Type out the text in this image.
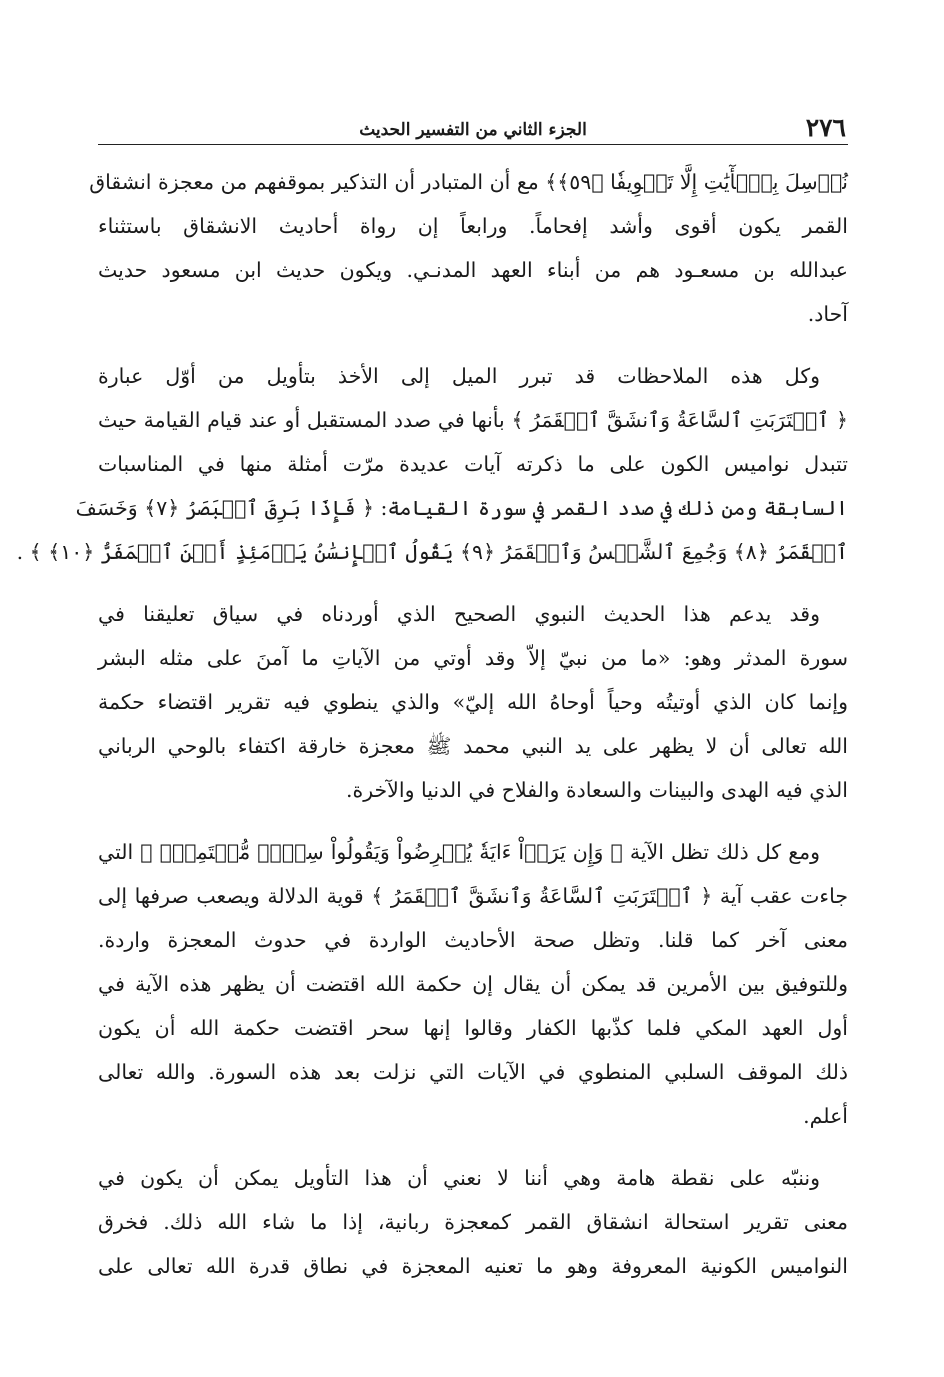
٢٧٦
الجزء الثاني من التفسير الحديث
نُرۡسِلَ بِٱلۡأٓيَٰتِ إِلَّا تَخۡوِيفٗا ﴿٥٩﴾﴾ مع أن المتبادر أن التذكير بموقفهم من معجزة انشقاق
القمر يكون أقوى وأشد إفحاماً. ورابعاً إن رواة أحاديث الانشقاق باستثناء
عبدالله بن مسعـود هم من أبناء العهد المدنـي. ويكون حديث ابن مسعود حديث
آحاد.
وكل هذه الملاحظات قد تبرر الميل إلى الأخذ بتأويل من أوّل عبارة
﴿ ٱقۡتَرَبَتِ ٱلسَّاعَةُ وَٱنشَقَّ ٱلۡقَمَرُ ﴾ بأنها في صدد المستقبل أو عند قيام القيامة حيث
تتبدل نواميس الكون على ما ذكرته آيات عديدة مرّت أمثلة منها في المناسبات
السابقة ومن ذلك في صدد القمر في سورة القيامة: ﴿ فَإِذَا بَرِقَ ٱلۡبَصَرُ ﴿٧﴾ وَخَسَفَ
ٱلۡقَمَرُ ﴿٨﴾ وَجُمِعَ ٱلشَّمۡسُ وَٱلۡقَمَرُ ﴿٩﴾ يَقُولُ ٱلۡإِنسَٰنُ يَوۡمَئِذٍ أَيۡنَ ٱلۡمَفَرُّ ﴿١٠﴾ ﴾ .
وقد يدعم هذا الحديث النبوي الصحيح الذي أوردناه في سياق تعليقنا في
سورة المدثر وهو: «ما من نبيّ إلاّ وقد أوتي من الآياتِ ما آمنَ على مثله البشر
وإنما كان الذي أوتيتُه وحياً أوحاهُ الله إليّ» والذي ينطوي فيه تقرير اقتضاء حكمة
الله تعالى أن لا يظهر على يد النبي محمد ﷺ معجزة خارقة اكتفاء بالوحي الرباني
الذي فيه الهدى والبينات والسعادة والفلاح في الدنيا والآخرة.
ومع كل ذلك تظل الآية ﴿ وَإِن يَرَوۡاْ ءَايَةٗ يُعۡرِضُواْ وَيَقُولُواْ سِحۡرٞ مُّسۡتَمِرّٞ ﴾ التي
جاءت عقب آية ﴿ ٱقۡتَرَبَتِ ٱلسَّاعَةُ وَٱنشَقَّ ٱلۡقَمَرُ ﴾ قوية الدلالة ويصعب صرفها إلى
معنى آخر كما قلنا. وتظل صحة الأحاديث الواردة في حدوث المعجزة واردة.
وللتوفيق بين الأمرين قد يمكن أن يقال إن حكمة الله اقتضت أن يظهر هذه الآية في
أول العهد المكي فلما كذّبها الكفار وقالوا إنها سحر اقتضت حكمة الله أن يكون
ذلك الموقف السلبي المنطوي في الآيات التي نزلت بعد هذه السورة. والله تعالى
أعلم.
وننبّه على نقطة هامة وهي أننا لا نعني أن هذا التأويل يمكن أن يكون في
معنى تقرير استحالة انشقاق القمر كمعجزة ربانية، إذا ما شاء الله ذلك. فخرق
النواميس الكونية المعروفة وهو ما تعنيه المعجزة في نطاق قدرة الله تعالى على
